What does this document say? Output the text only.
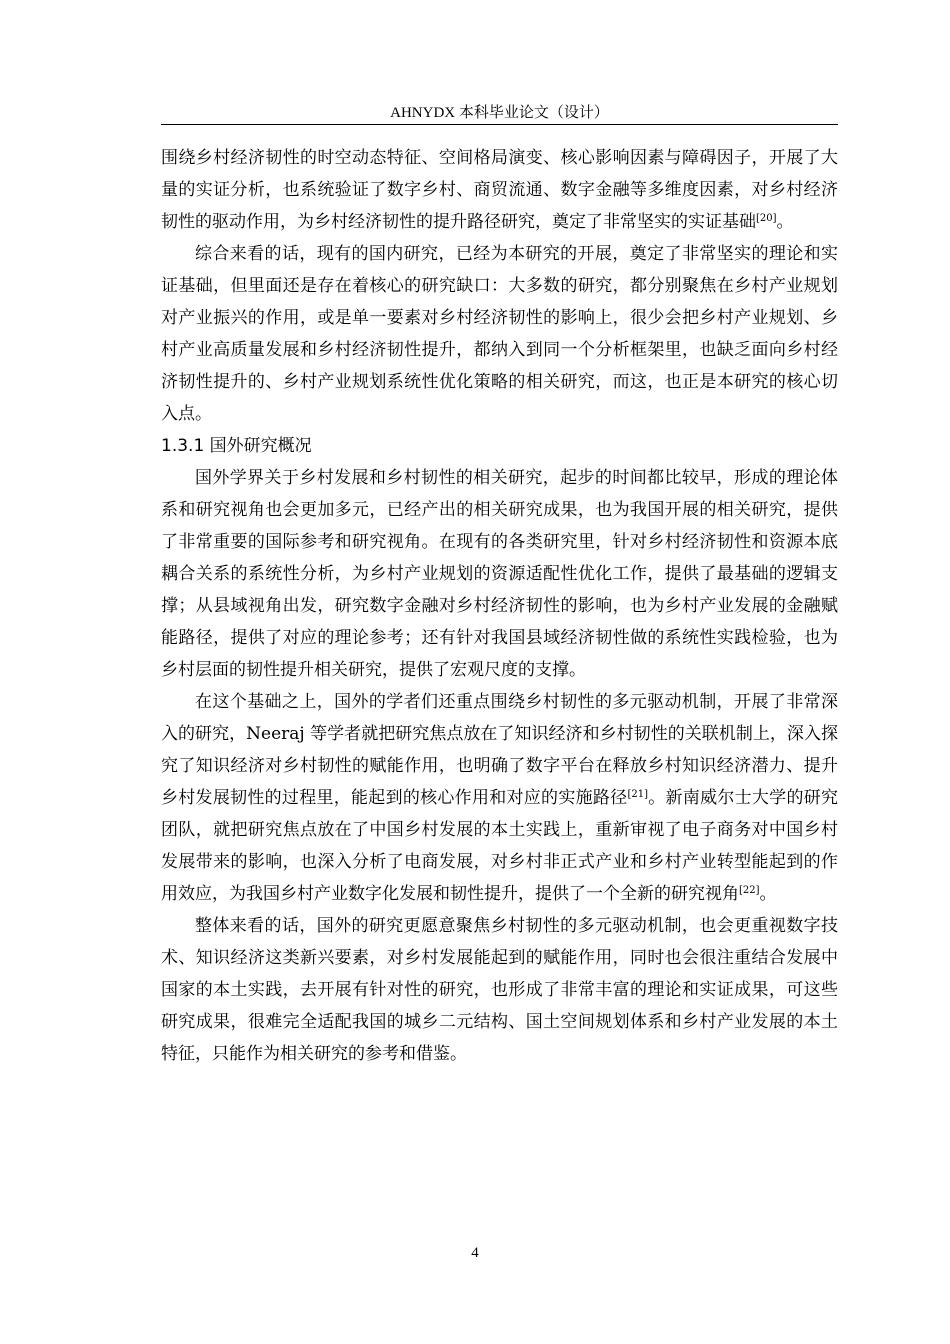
AHNYDX 本科毕业论文（设计）

围绕乡村经济韧性的时空动态特征、空间格局演变、核心影响因素与障碍因子，开展了大量的实证分析，也系统验证了数字乡村、商贸流通、数字金融等多维度因素，对乡村经济韧性的驱动作用，为乡村经济韧性的提升路径研究，奠定了非常坚实的实证基础[20]。

综合来看的话，现有的国内研究，已经为本研究的开展，奠定了非常坚实的理论和实证基础，但里面还是存在着核心的研究缺口：大多数的研究，都分别聚焦在乡村产业规划对产业振兴的作用，或是单一要素对乡村经济韧性的影响上，很少会把乡村产业规划、乡村产业高质量发展和乡村经济韧性提升，都纳入到同一个分析框架里，也缺乏面向乡村经济韧性提升的、乡村产业规划系统性优化策略的相关研究，而这，也正是本研究的核心切入点。

1.3.1 国外研究概况

国外学界关于乡村发展和乡村韧性的相关研究，起步的时间都比较早，形成的理论体系和研究视角也会更加多元，已经产出的相关研究成果，也为我国开展的相关研究，提供了非常重要的国际参考和研究视角。在现有的各类研究里，针对乡村经济韧性和资源本底耦合关系的系统性分析，为乡村产业规划的资源适配性优化工作，提供了最基础的逻辑支撑；从县域视角出发，研究数字金融对乡村经济韧性的影响，也为乡村产业发展的金融赋能路径，提供了对应的理论参考；还有针对我国县域经济韧性做的系统性实践检验，也为乡村层面的韧性提升相关研究，提供了宏观尺度的支撑。

在这个基础之上，国外的学者们还重点围绕乡村韧性的多元驱动机制，开展了非常深入的研究，Neeraj 等学者就把研究焦点放在了知识经济和乡村韧性的关联机制上，深入探究了知识经济对乡村韧性的赋能作用，也明确了数字平台在释放乡村知识经济潜力、提升乡村发展韧性的过程里，能起到的核心作用和对应的实施路径[21]。新南威尔士大学的研究团队，就把研究焦点放在了中国乡村发展的本土实践上，重新审视了电子商务对中国乡村发展带来的影响，也深入分析了电商发展，对乡村非正式产业和乡村产业转型能起到的作用效应，为我国乡村产业数字化发展和韧性提升，提供了一个全新的研究视角[22]。

整体来看的话，国外的研究更愿意聚焦乡村韧性的多元驱动机制，也会更重视数字技术、知识经济这类新兴要素，对乡村发展能起到的赋能作用，同时也会很注重结合发展中国家的本土实践，去开展有针对性的研究，也形成了非常丰富的理论和实证成果，可这些研究成果，很难完全适配我国的城乡二元结构、国土空间规划体系和乡村产业发展的本土特征，只能作为相关研究的参考和借鉴。

4
